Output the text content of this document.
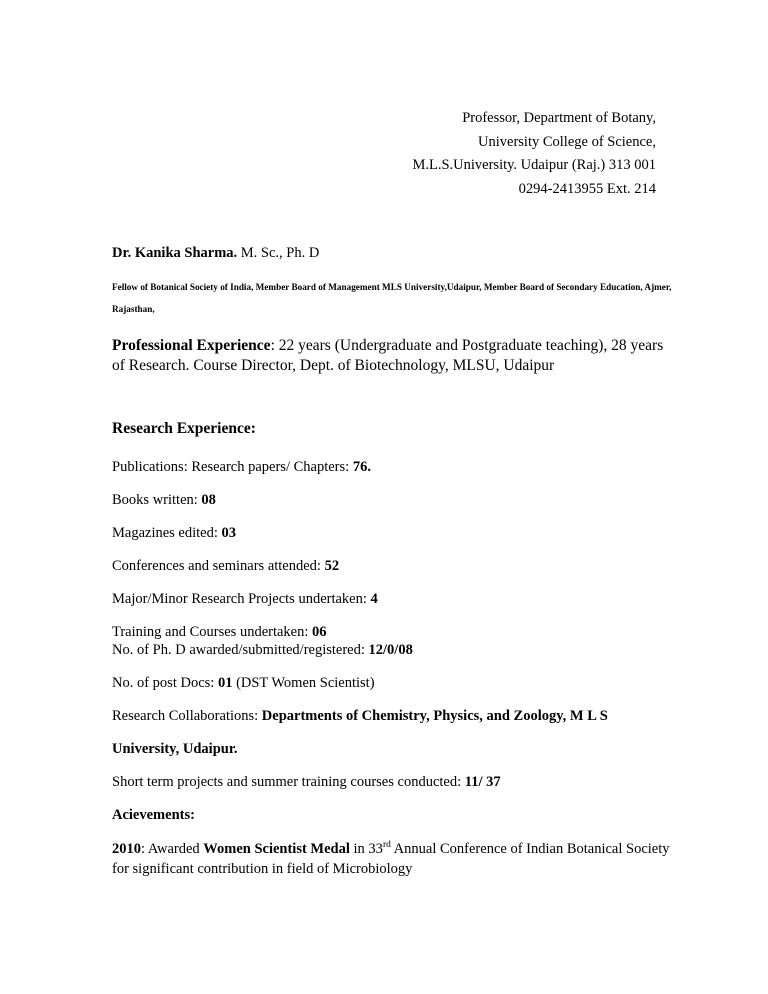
Professor, Department of Botany,
University College of Science,
M.L.S.University. Udaipur (Raj.) 313 001
0294-2413955 Ext. 214
Dr. Kanika Sharma. M. Sc., Ph. D
Fellow of Botanical Society of India, Member Board of Management MLS University,Udaipur, Member Board of Secondary Education, Ajmer, Rajasthan,
Professional Experience: 22 years (Undergraduate and Postgraduate teaching), 28 years of Research. Course Director, Dept. of Biotechnology, MLSU, Udaipur
Research Experience:
Publications: Research papers/ Chapters: 76.
Books written: 08
Magazines edited: 03
Conferences and seminars attended: 52
Major/Minor Research Projects undertaken: 4
Training and Courses undertaken: 06
No. of Ph. D awarded/submitted/registered: 12/0/08
No. of post Docs: 01 (DST Women Scientist)
Research Collaborations: Departments of Chemistry, Physics, and Zoology, M L S
University, Udaipur.
Short term projects and summer training courses conducted: 11/ 37
Acievements:
2010: Awarded Women Scientist Medal in 33rd Annual Conference of Indian Botanical Society for significant contribution in field of Microbiology
